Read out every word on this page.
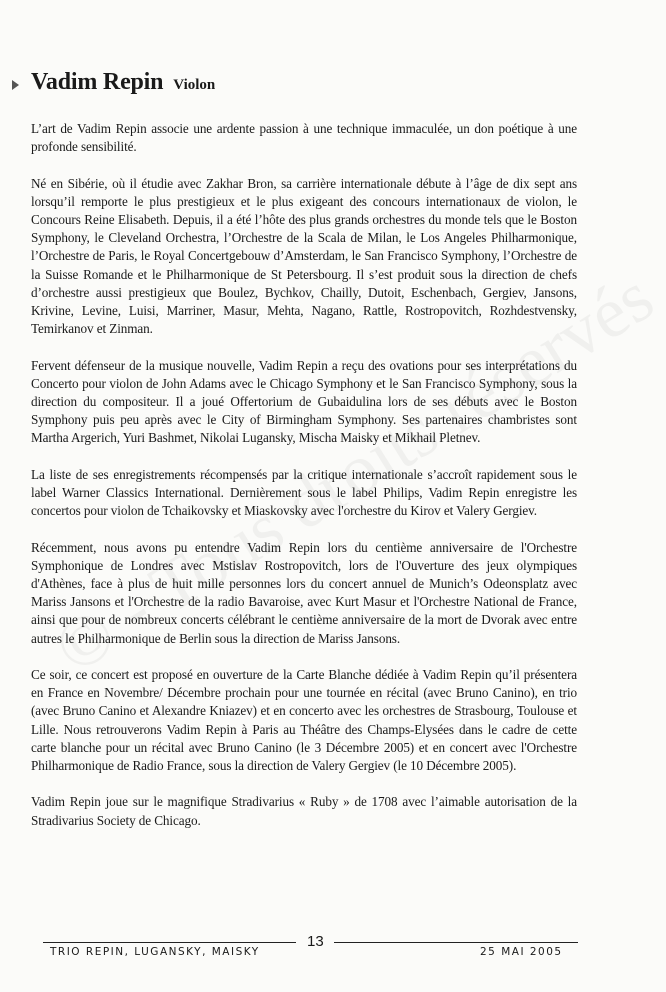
Vadim Repin Violon

L’art de Vadim Repin associe une ardente passion à une technique immaculée, un don poétique à une profonde sensibilité.

Né en Sibérie, où il étudie avec Zakhar Bron, sa carrière internationale débute à l’âge de dix sept ans lorsqu’il remporte le plus prestigieux et le plus exigeant des concours internationaux de violon, le Concours Reine Elisabeth. Depuis, il a été l’hôte des plus grands orchestres du monde tels que le Boston Symphony, le Cleveland Orchestra, l’Orchestre de la Scala de Milan, le Los Angeles Philharmonique, l’Orchestre de Paris, le Royal Concertgebouw d’Amsterdam, le San Francisco Symphony, l’Orchestre de la Suisse Romande et le Philharmonique de St Petersbourg. Il s’est produit sous la direction de chefs d’orchestre aussi prestigieux que Boulez, Bychkov, Chailly, Dutoit, Eschenbach, Gergiev, Jansons, Krivine, Levine, Luisi, Marriner, Masur, Mehta, Nagano, Rattle, Rostropovitch, Rozhdestvensky, Temirkanov et Zinman.

Fervent défenseur de la musique nouvelle, Vadim Repin a reçu des ovations pour ses interprétations du Concerto pour violon de John Adams avec le Chicago Symphony et le San Francisco Symphony, sous la direction du compositeur. Il a joué Offertorium de Gubaidulina lors de ses débuts avec le Boston Symphony puis peu après avec le City of Birmingham Symphony. Ses partenaires chambristes sont Martha Argerich, Yuri Bashmet, Nikolai Lugansky, Mischa Maisky et Mikhail Pletnev.

La liste de ses enregistrements récompensés par la critique internationale s’accroît rapidement sous le label Warner Classics International. Dernièrement sous le label Philips, Vadim Repin enregistre les concertos pour violon de Tchaikovsky et Miaskovsky avec l'orchestre du Kirov et Valery Gergiev.

Récemment, nous avons pu entendre Vadim Repin lors du centième anniversaire de l'Orchestre Symphonique de Londres avec Mstislav Rostropovitch, lors de l'Ouverture des jeux olympiques d'Athènes, face à plus de huit mille personnes lors du concert annuel de Munich’s Odeonsplatz avec Mariss Jansons et l'Orchestre de la radio Bavaroise, avec Kurt Masur et l'Orchestre National de France, ainsi que pour de nombreux concerts célébrant le centième anniversaire de la mort de Dvorak avec entre autres le Philharmonique de Berlin sous la direction de Mariss Jansons.

Ce soir, ce concert est proposé en ouverture de la Carte Blanche dédiée à Vadim Repin qu’il présentera en France en Novembre/ Décembre prochain pour une tournée en récital (avec Bruno Canino), en trio (avec Bruno Canino et Alexandre Kniazev) et en concerto avec les orchestres de Strasbourg, Toulouse et Lille. Nous retrouverons Vadim Repin à Paris au Théâtre des Champs-Elysées dans le cadre de cette carte blanche pour un récital avec Bruno Canino (le 3 Décembre 2005) et en concert avec l'Orchestre Philharmonique de Radio France, sous la direction de Valery Gergiev (le 10 Décembre 2005).

Vadim Repin joue sur le magnifique Stradivarius « Ruby » de 1708 avec l’aimable autorisation de la Stradivarius Society de Chicago.

TRIO REPIN, LUGANSKY, MAISKY
13
25 MAI 2005
